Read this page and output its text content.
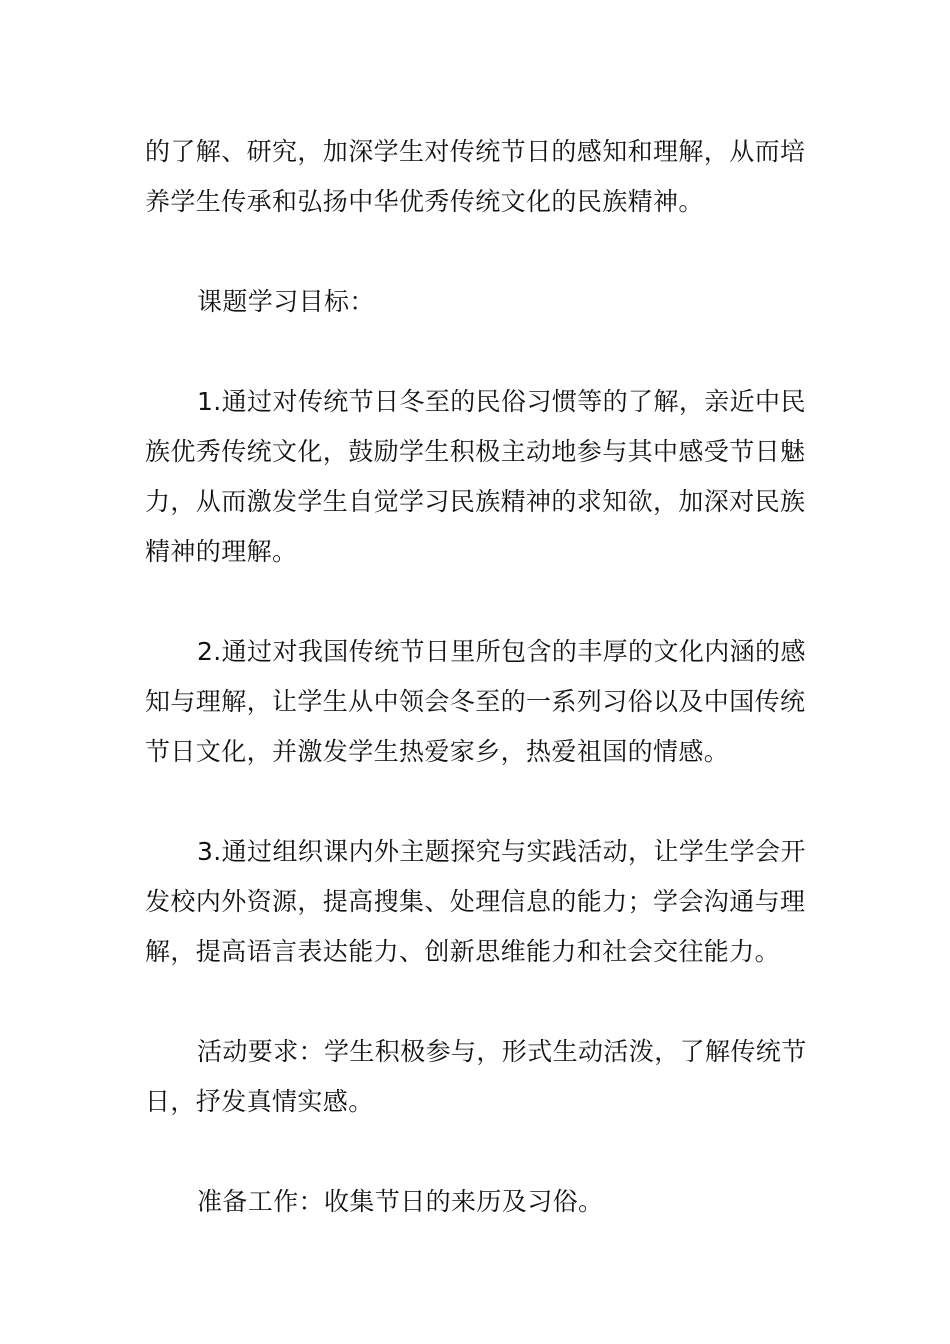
的了解、研究，加深学生对传统节日的感知和理解，从而培养学生传承和弘扬中华优秀传统文化的民族精神。

课题学习目标：

1.通过对传统节日冬至的民俗习惯等的了解，亲近中民族优秀传统文化，鼓励学生积极主动地参与其中感受节日魅力，从而激发学生自觉学习民族精神的求知欲，加深对民族精神的理解。

2.通过对我国传统节日里所包含的丰厚的文化内涵的感知与理解，让学生从中领会冬至的一系列习俗以及中国传统节日文化，并激发学生热爱家乡，热爱祖国的情感。

3.通过组织课内外主题探究与实践活动，让学生学会开发校内外资源，提高搜集、处理信息的能力；学会沟通与理解，提高语言表达能力、创新思维能力和社会交往能力。

活动要求：学生积极参与，形式生动活泼，了解传统节日，抒发真情实感。

准备工作：收集节日的来历及习俗。
